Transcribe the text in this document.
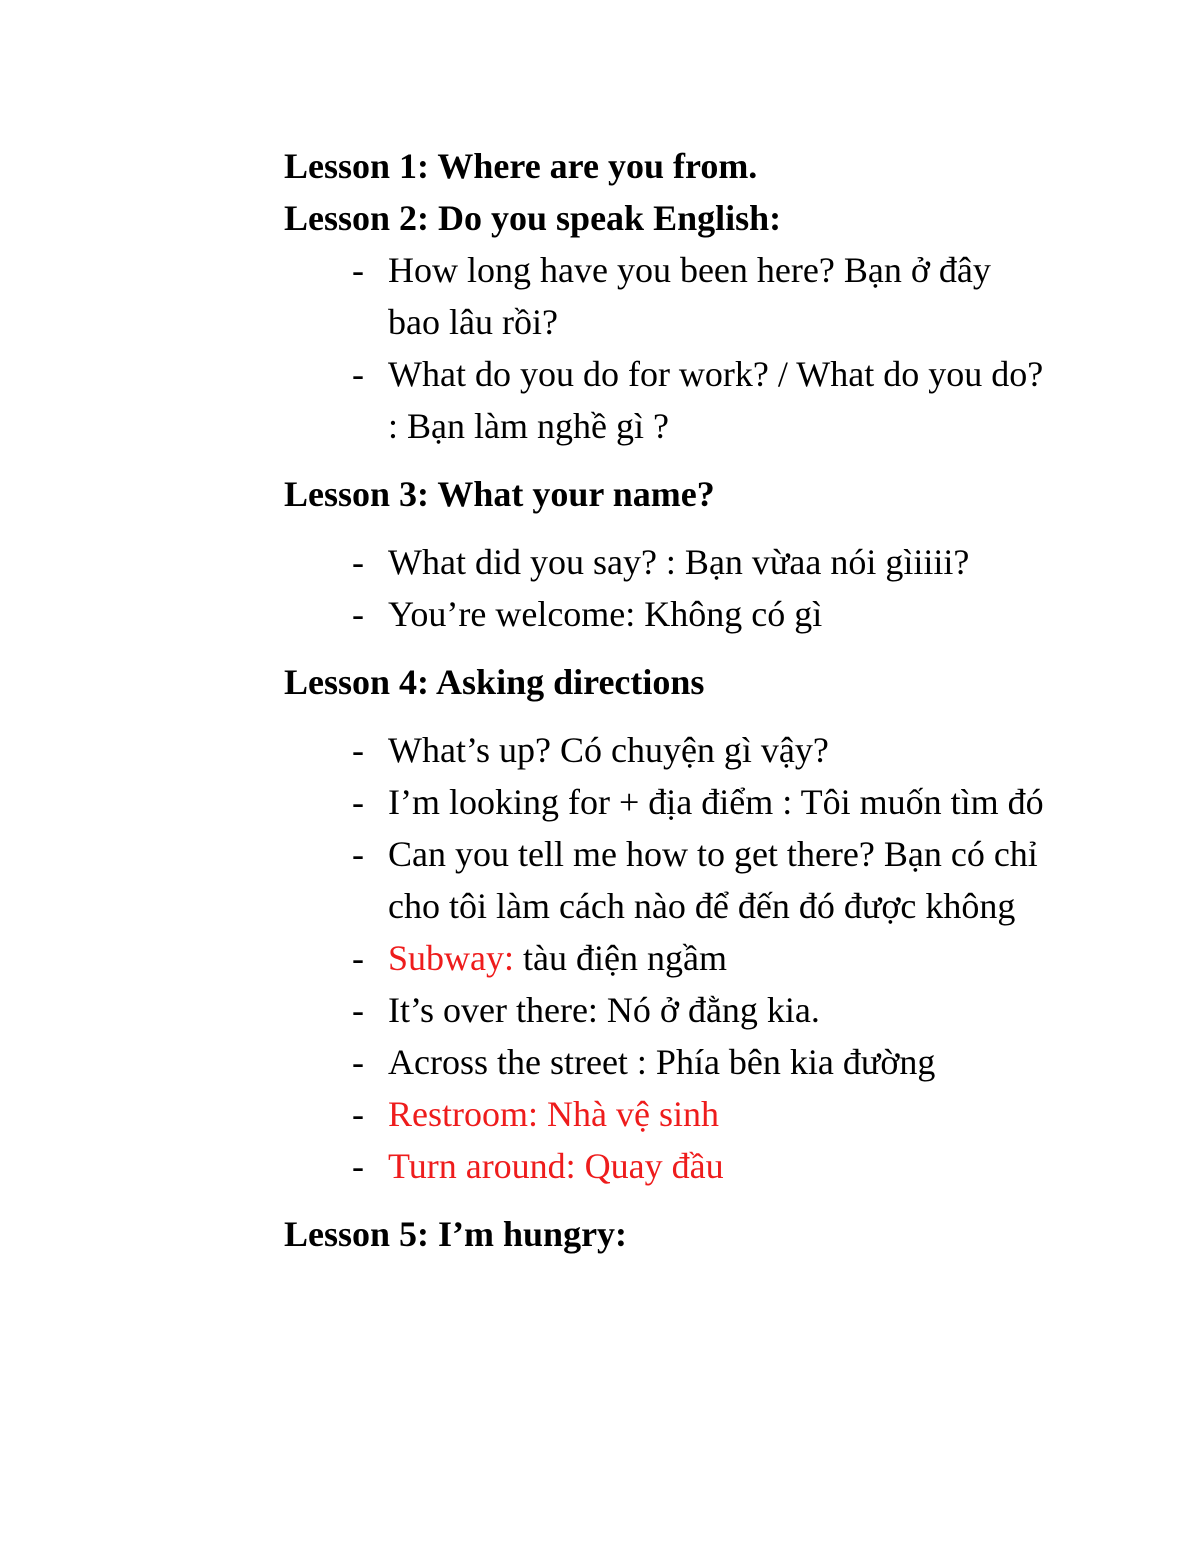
Lesson 1: Where are you from.
Lesson 2: Do you speak English:
- How long have you been here? Bạn ở đây bao lâu rồi?
- What do you do for work? / What do you do? : Bạn làm nghề gì ?
Lesson 3: What your name?
- What did you say? : Bạn vừaa nói gìiiii?
- You’re welcome: Không có gì
Lesson 4: Asking directions
- What’s up? Có chuyện gì vậy?
- I’m looking for + địa điểm : Tôi muốn tìm đó
- Can you tell me how to get there? Bạn có chỉ cho tôi làm cách nào để đến đó được không
- Subway: tàu điện ngầm
- It’s over there: Nó ở đằng kia.
- Across the street : Phía bên kia đường
- Restroom: Nhà vệ sinh
- Turn around: Quay đầu
Lesson 5: I’m hungry:
